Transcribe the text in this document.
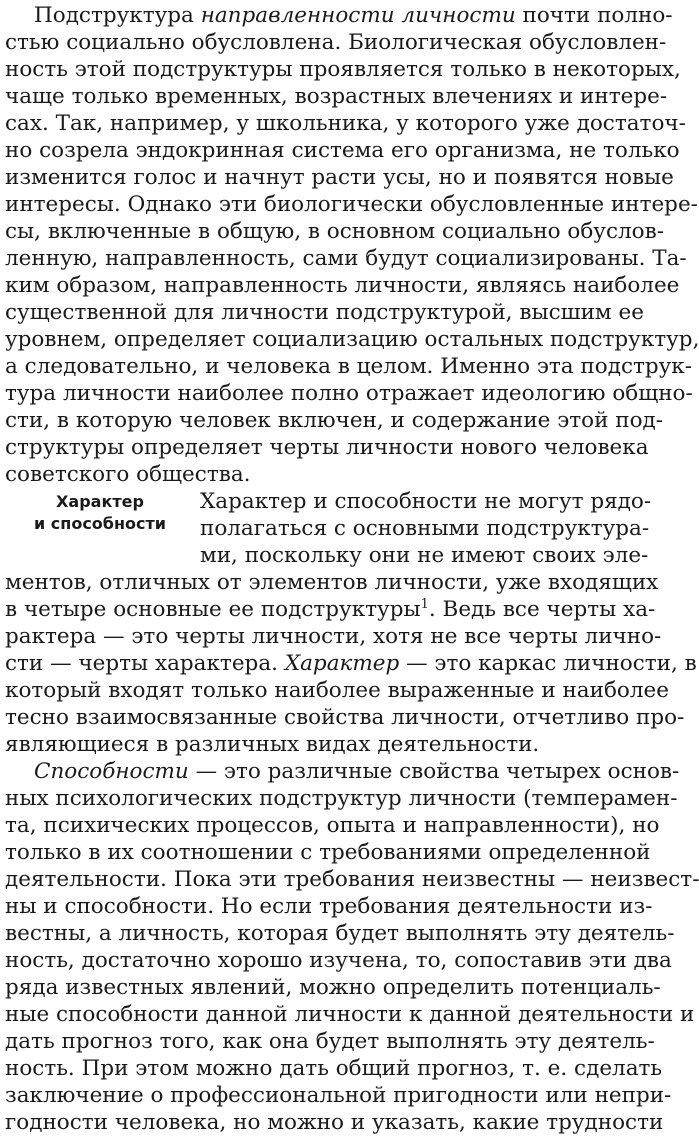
Подструктура направленности личности почти полно-
стью социально обусловлена. Биологическая обусловлен-
ность этой подструктуры проявляется только в некоторых,
чаще только временных, возрастных влечениях и интере-
сах. Так, например, у школьника, у которого уже достаточ-
но созрела эндокринная система его организма, не только
изменится голос и начнут расти усы, но и появятся новые
интересы. Однако эти биологически обусловленные интере-
сы, включенные в общую, в основном социально обуслов-
ленную, направленность, сами будут социализированы. Та-
ким образом, направленность личности, являясь наиболее
существенной для личности подструктурой, высшим ее
уровнем, определяет социализацию остальных подструктур,
а следовательно, и человека в целом. Именно эта подструк-
тура личности наиболее полно отражает идеологию общно-
сти, в которую человек включен, и содержание этой под-
структуры определяет черты личности нового человека
советского общества.
Характер
и способности
Характер и способности не могут рядо-
полагаться с основными подструктура-
ми, поскольку они не имеют своих эле-
ментов, отличных от элементов личности, уже входящих
в четыре основные ее подструктуры$^1$. Ведь все черты ха-
рактера — это черты личности, хотя не все черты лично-
сти — черты характера. Характер — это каркас личности, в
который входят только наиболее выраженные и наиболее
тесно взаимосвязанные свойства личности, отчетливо про-
являющиеся в различных видах деятельности.
Способности — это различные свойства четырех основ-
ных психологических подструктур личности (темперамен-
та, психических процессов, опыта и направленности), но
только в их соотношении с требованиями определенной
деятельности. Пока эти требования неизвестны — неизвест-
ны и способности. Но если требования деятельности из-
вестны, а личность, которая будет выполнять эту деятель-
ность, достаточно хорошо изучена, то, сопоставив эти два
ряда известных явлений, можно определить потенциаль-
ные способности данной личности к данной деятельности и
дать прогноз того, как она будет выполнять эту деятель-
ность. При этом можно дать общий прогноз, т. е. сделать
заключение о профессиональной пригодности или непри-
годности человека, но можно и указать, какие трудности
